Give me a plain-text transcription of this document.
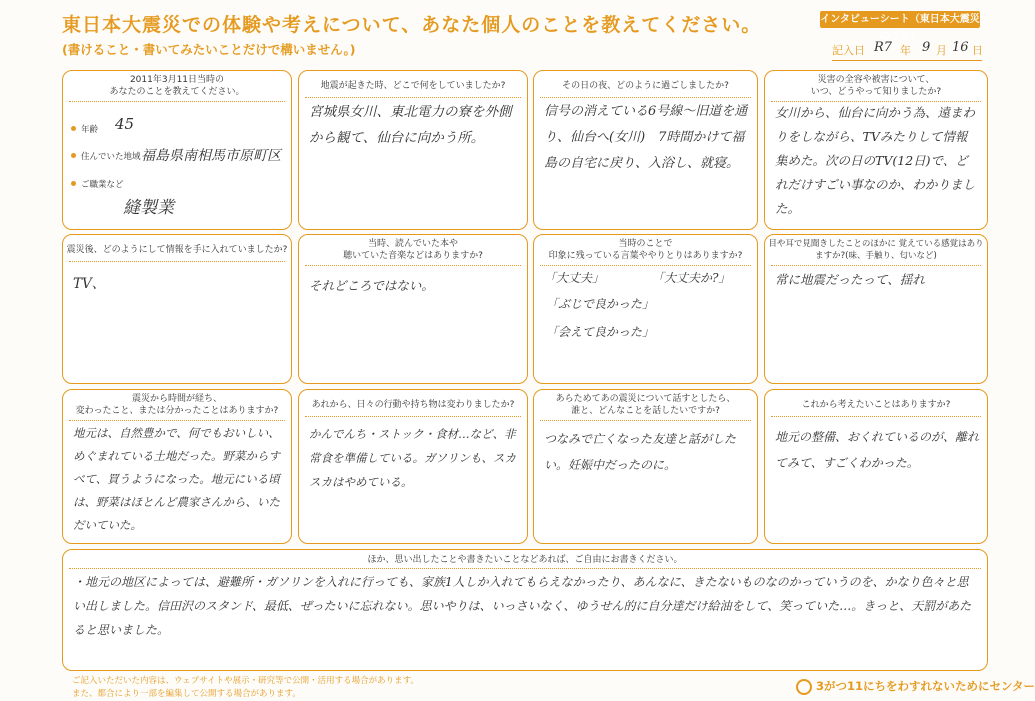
東日本大震災での体験や考えについて、あなた個人のことを教えてください。
(書けること・書いてみたいことだけで構いません。)
インタビューシート（東日本大震災のこと）
記入日 R7 年 9 月 16 日
2011年3月11日当時の
あなたのことを教えてください。
年齢 45
住んでいた地域 福島県南相馬市原町区
ご職業など
縫製業
地震が起きた時、どこで何をしていましたか?
宮城県女川、東北電力の寮を外側から観て、仙台に向かう所。
その日の夜、どのように過ごしましたか?
信号の消えている6号線〜旧道を通り、仙台へ(女川)　7時間かけて福島の自宅に戻り、入浴し、就寝。
災害の全容や被害について、
いつ、どうやって知りましたか?
女川から、仙台に向かう為、遠まわりをしながら、TVみたりして情報集めた。次の日のTV(12日)で、どれだけすごい事なのか、わかりました。
震災後、どのようにして情報を手に入れていましたか?
TV、
当時、読んでいた本や
聴いていた音楽などはありますか?
それどころではない。
当時のことで
印象に残っている言葉ややりとりはありますか?
「大丈夫」	「大丈夫か?」
「ぶじで良かった」
「会えて良かった」
目や耳で見聞きしたことのほかに 覚えている感覚はありますか?(味、手触り、匂いなど)
常に地震だったって、揺れ
震災から時間が経ち、
変わったこと、または分かったことはありますか?
地元は、自然豊かで、何でもおいしい、めぐまれている土地だった。野菜からすべて、買うようになった。地元にいる頃は、野菜はほとんど農家さんから、いただいていた。
あれから、日々の行動や持ち物は変わりましたか?
かんでんち・ストック・食材…など、非常食を準備している。ガソリンも、スカスカはやめている。
あらためてあの震災について話すとしたら、
誰と、どんなことを話したいですか?
つなみで亡くなった友達と話がしたい。妊娠中だったのに。
これから考えたいことはありますか?
地元の整備、おくれているのが、離れてみて、すごくわかった。
ほか、思い出したことや書きたいことなどあれば、ご自由にお書きください。
・地元の地区によっては、避難所・ガソリンを入れに行っても、家族1人しか入れてもらえなかったり、あんなに、きたないものなのかっていうのを、かなり色々と思い出しました。信田沢のスタンド、最低、ぜったいに忘れない。思いやりは、いっさいなく、ゆうせん的に自分達だけ給油をして、笑っていた…。きっと、天罰があたると思いました。
ご記入いただいた内容は、ウェブサイトや展示・研究等で公開・活用する場合があります。
また、都合により一部を編集して公開する場合があります。
3がつ11にちをわすれないためにセンター
